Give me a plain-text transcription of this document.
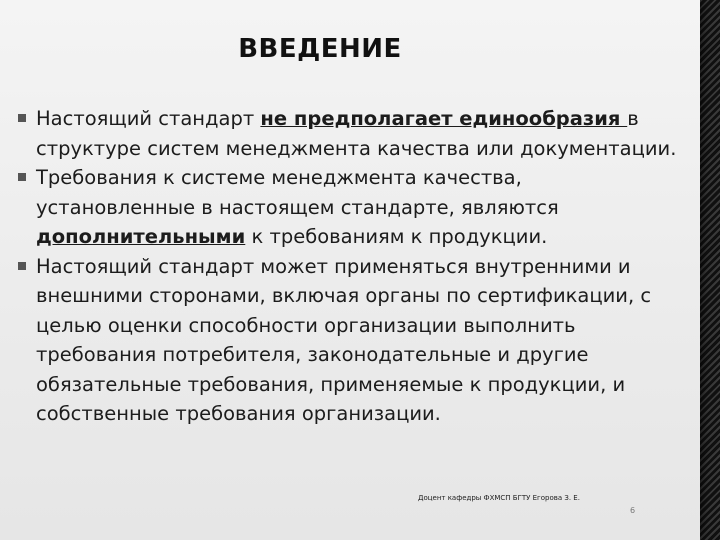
ВВЕДЕНИЕ
Настоящий стандарт не предполагает единообразия в структуре систем менеджмента качества или документации.
Требования к системе менеджмента качества, установленные в настоящем стандарте, являются дополнительными к требованиям к продукции.
Настоящий стандарт может применяться внутренними и внешними сторонами, включая органы по сертификации, с целью оценки способности организации выполнить требования потребителя, законодательные и другие обязательные требования, применяемые к продукции, и собственные требования организации.
Доцент кафедры ФХМСП БГТУ Егорова З. Е.
6
